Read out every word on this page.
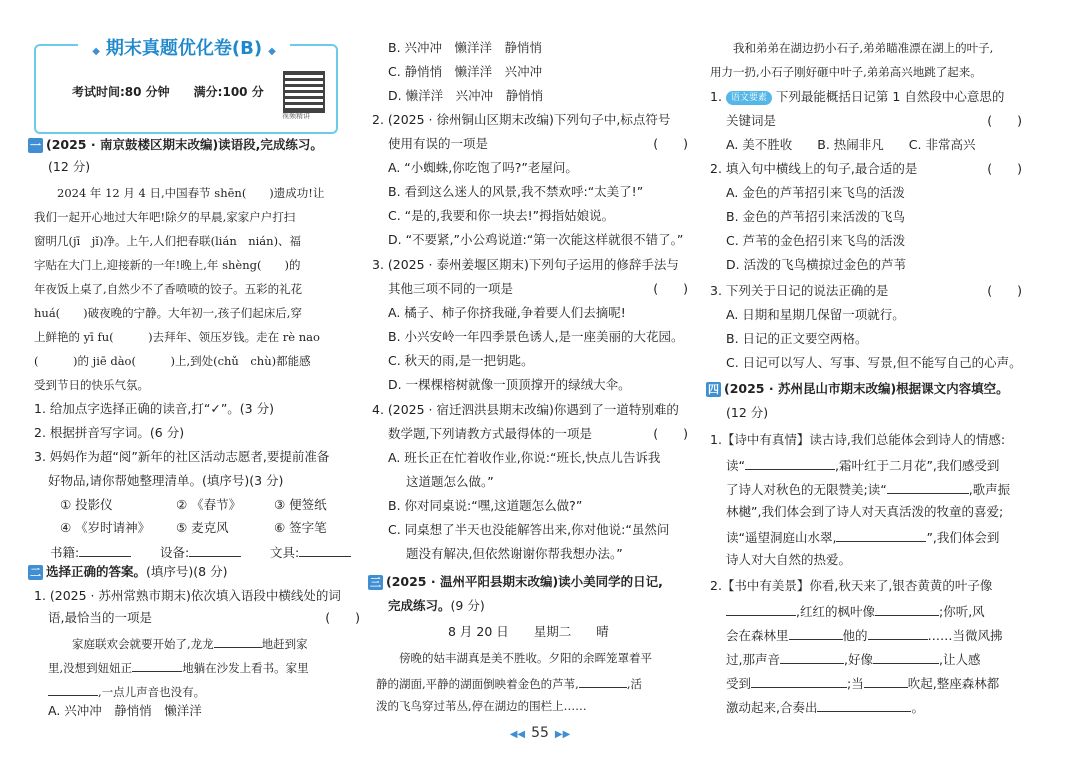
◆ 期末真题优化卷(B) ◆
考试时间:80 分钟　　满分:100 分
视频精讲
一 (2025 · 南京鼓楼区期末改编)读语段,完成练习。
(12 分)
　　2024 年 12 月 4 日,中国春节 shēn(　　)遗成功!让
我们一起开心地过大年吧!除夕的早晨,家家户户打扫
窗明几(jī　jǐ)净。上午,人们把春联(lián　nián)、福
字贴在大门上,迎接新的一年!晚上,年 shèng(　　)的
年夜饭上桌了,自然少不了香喷喷的饺子。五彩的礼花
huá(　　)破夜晚的宁静。大年初一,孩子们起床后,穿
上鲜艳的 yī fu(　　　)去拜年、领压岁钱。走在 rè nao
(　　　)的 jiē dào(　　　)上,到处(chǔ　chù)都能感
受到节日的快乐气氛。
1. 给加点字选择正确的读音,打“✓”。(3 分)
2. 根据拼音写字词。(6 分)
3. 妈妈作为超“阅”新年的社区活动志愿者,要提前准备
好物品,请你帮她整理清单。(填序号)(3 分)
① 投影仪	② 《春节》	③ 便签纸
④ 《岁时请神》 ⑤ 麦克风	⑥ 签字笔
书籍:	设备:	文具:
二 选择正确的答案。(填序号)(8 分)
1. (2025 · 苏州常熟市期末)依次填入语段中横线处的词
语,最恰当的一项是	(　　)
家庭联欢会就要开始了,龙龙	地赶到家
里,没想到妞妞正	地躺在沙发上看书。家里
,一点儿声音也没有。
A. 兴冲冲　静悄悄　懒洋洋
B. 兴冲冲　懒洋洋　静悄悄
C. 静悄悄　懒洋洋　兴冲冲
D. 懒洋洋　兴冲冲　静悄悄
2. (2025 · 徐州铜山区期末改编)下列句子中,标点符号
使用有误的一项是	(　　)
A. “小蜘蛛,你吃饱了吗?”老屋问。
B. 看到这么迷人的风景,我不禁欢呼:“太美了!”
C. “是的,我要和你一块去!”拇指姑娘说。
D. “不要紧,”小公鸡说道:“第一次能这样就很不错了。”
3. (2025 · 泰州姜堰区期末)下列句子运用的修辞手法与
其他三项不同的一项是	(　　)
A. 橘子、柿子你挤我碰,争着要人们去摘呢!
B. 小兴安岭一年四季景色诱人,是一座美丽的大花园。
C. 秋天的雨,是一把钥匙。
D. 一棵棵榕树就像一顶顶撑开的绿绒大伞。
4. (2025 · 宿迁泗洪县期末改编)你遇到了一道特别难的
数学题,下列请教方式最得体的一项是	(　　)
A. 班长正在忙着收作业,你说:“班长,快点儿告诉我
这道题怎么做。”
B. 你对同桌说:“嘿,这道题怎么做?”
C. 同桌想了半天也没能解答出来,你对他说:“虽然问
题没有解决,但依然谢谢你帮我想办法。”
三 (2025 · 温州平阳县期末改编)读小美同学的日记,
完成练习。(9 分)
8 月 20 日　　星期二　　晴
　　傍晚的姑丰湖真是美不胜收。夕阳的余晖笼罩着平
静的湖面,平静的湖面倒映着金色的芦苇,	,活
泼的飞鸟穿过苇丛,停在湖边的围栏上……
　　我和弟弟在湖边扔小石子,弟弟瞄准漂在湖上的叶子,
用力一扔,小石子刚好砸中叶子,弟弟高兴地跳了起来。
1. 语文要素 下列最能概括日记第 1 自然段中心意思的
关键词是	(　　)
A. 美不胜收　　B. 热闹非凡　　C. 非常高兴
2. 填入句中横线上的句子,最合适的是	(　　)
A. 金色的芦苇招引来飞鸟的活泼
B. 金色的芦苇招引来活泼的飞鸟
C. 芦苇的金色招引来飞鸟的活泼
D. 活泼的飞鸟横掠过金色的芦苇
3. 下列关于日记的说法正确的是	(　　)
A. 日期和星期几保留一项就行。
B. 日记的正文要空两格。
C. 日记可以写人、写事、写景,但不能写自己的心声。
四 (2025 · 苏州昆山市期末改编)根据课文内容填空。
(12 分)
1.【诗中有真情】读古诗,我们总能体会到诗人的情感:
读“	,霜叶红于二月花”,我们感受到
了诗人对秋色的无限赞美;读“	,歌声振
林樾”,我们体会到了诗人对天真活泼的牧童的喜爱;
读“遥望洞庭山水翠,	”,我们体会到
诗人对大自然的热爱。
2.【书中有美景】你看,秋天来了,银杏黄黄的叶子像
,红红的枫叶像	;你听,风
会在森林里	他的	……当微风拂
过,那声音	,好像	,让人感
受到	;当	吹起,整座森林都
激动起来,合奏出	。
◀◀ 55 ▶▶
